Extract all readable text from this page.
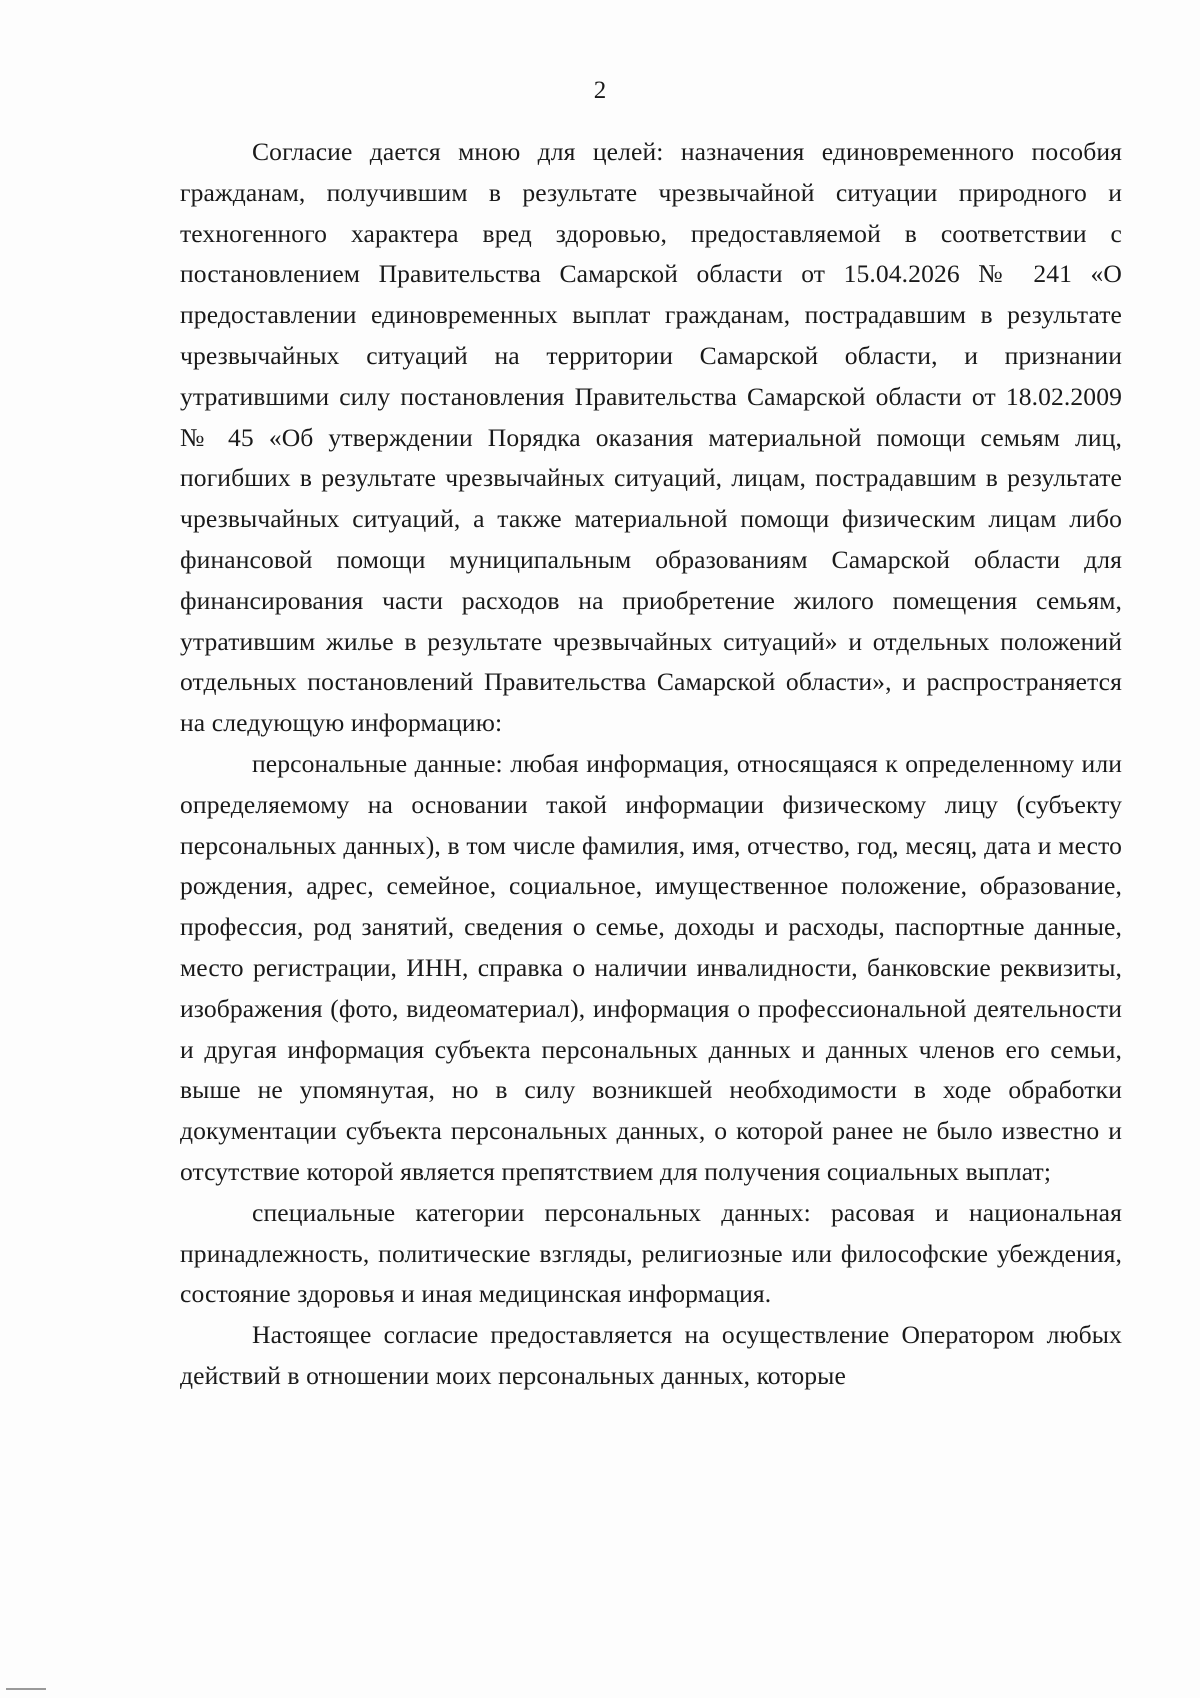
2

Согласие дается мною для целей: назначения единовременного пособия гражданам, получившим в результате чрезвычайной ситуации природного и техногенного характера вред здоровью, предоставляемой в соответствии с постановлением Правительства Самарской области от 15.04.2026 № 241 «О предоставлении единовременных выплат гражданам, пострадавшим в результате чрезвычайных ситуаций на территории Самарской области, и признании утратившими силу постановления Правительства Самарской области от 18.02.2009 № 45 «Об утверждении Порядка оказания материальной помощи семьям лиц, погибших в результате чрезвычайных ситуаций, лицам, пострадавшим в результате чрезвычайных ситуаций, а также материальной помощи физическим лицам либо финансовой помощи муниципальным образованиям Самарской области для финансирования части расходов на приобретение жилого помещения семьям, утратившим жилье в результате чрезвычайных ситуаций» и отдельных положений отдельных постановлений Правительства Самарской области», и распространяется на следующую информацию:

персональные данные: любая информация, относящаяся к определенному или определяемому на основании такой информации физическому лицу (субъекту персональных данных), в том числе фамилия, имя, отчество, год, месяц, дата и место рождения, адрес, семейное, социальное, имущественное положение, образование, профессия, род занятий, сведения о семье, доходы и расходы, паспортные данные, место регистрации, ИНН, справка о наличии инвалидности, банковские реквизиты, изображения (фото, видеоматериал), информация о профессиональной деятельности и другая информация субъекта персональных данных и данных членов его семьи, выше не упомянутая, но в силу возникшей необходимости в ходе обработки документации субъекта персональных данных, о которой ранее не было известно и отсутствие которой является препятствием для получения социальных выплат;

специальные категории персональных данных: расовая и национальная принадлежность, политические взгляды, религиозные или философские убеждения, состояние здоровья и иная медицинская информация.

Настоящее согласие предоставляется на осуществление Оператором любых действий в отношении моих персональных данных, которые
